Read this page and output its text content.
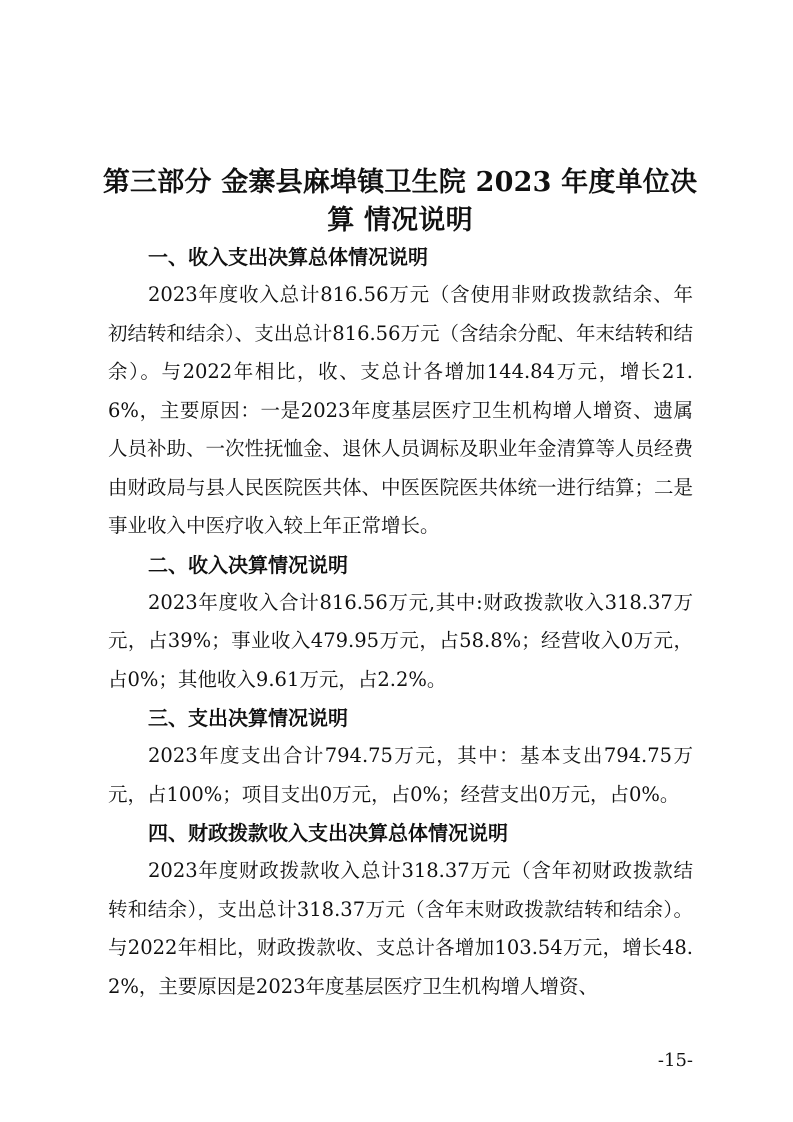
第三部分 金寨县麻埠镇卫生院 2023 年度单位决算 情况说明

一、收入支出决算总体情况说明

2023年度收入总计816.56万元（含使用非财政拨款结余、年初结转和结余）、支出总计816.56万元（含结余分配、年末结转和结余）。与2022年相比，收、支总计各增加144.84万元，增长21.6%，主要原因：一是2023年度基层医疗卫生机构增人增资、遗属人员补助、一次性抚恤金、退休人员调标及职业年金清算等人员经费由财政局与县人民医院医共体、中医医院医共体统一进行结算；二是事业收入中医疗收入较上年正常增长。

二、收入决算情况说明

2023年度收入合计816.56万元,其中:财政拨款收入318.37万元，占39%；事业收入479.95万元，占58.8%；经营收入0万元，占0%；其他收入9.61万元，占2.2%。

三、支出决算情况说明

2023年度支出合计794.75万元，其中：基本支出794.75万元，占100%；项目支出0万元，占0%；经营支出0万元，占0%。

四、财政拨款收入支出决算总体情况说明

2023年度财政拨款收入总计318.37万元（含年初财政拨款结转和结余），支出总计318.37万元（含年末财政拨款结转和结余）。与2022年相比，财政拨款收、支总计各增加103.54万元，增长48.2%，主要原因是2023年度基层医疗卫生机构增人增资、

-15-
